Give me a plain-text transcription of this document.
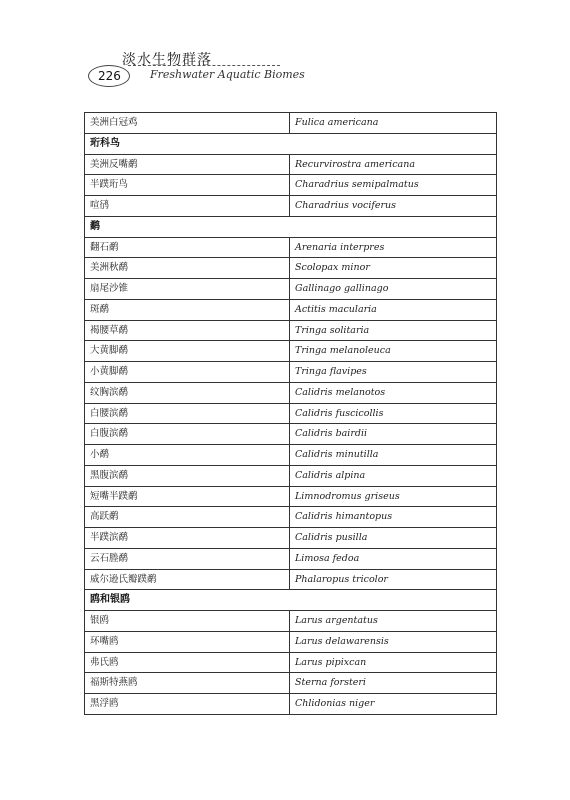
淡水生物群落
226	Freshwater Aquatic Biomes
美洲白冠鸡	Fulica americana
珩科鸟	
美洲反嘴鹬	Recurvirostra americana
半蹼珩鸟	Charadrius semipalmatus
喧鸻	Charadrius vociferus
鹬	
翻石鹬	Arenaria interpres
美洲秋鹬	Scolopax minor
扇尾沙锥	Gallinago gallinago
斑鹬	Actitis macularia
褐腰草鹬	Tringa solitaria
大黄脚鹬	Tringa melanoleuca
小黄脚鹬	Tringa flavipes
纹胸滨鹬	Calidris melanotos
白腰滨鹬	Calidris fuscicollis
白腹滨鹬	Calidris bairdii
小鹬	Calidris minutilla
黑腹滨鹬	Calidris alpina
短嘴半蹼鹬	Limnodromus griseus
高跃鹬	Calidris himantopus
半蹼滨鹬	Calidris pusilla
云石塍鹬	Limosa fedoa
威尔逊氏瓣蹼鹬	Phalaropus tricolor
鸥和银鸥	
银鸥	Larus argentatus
环嘴鸥	Larus delawarensis
弗氏鸥	Larus pipixcan
福斯特燕鸥	Sterna forsteri
黑浮鸥	Chlidonias niger
